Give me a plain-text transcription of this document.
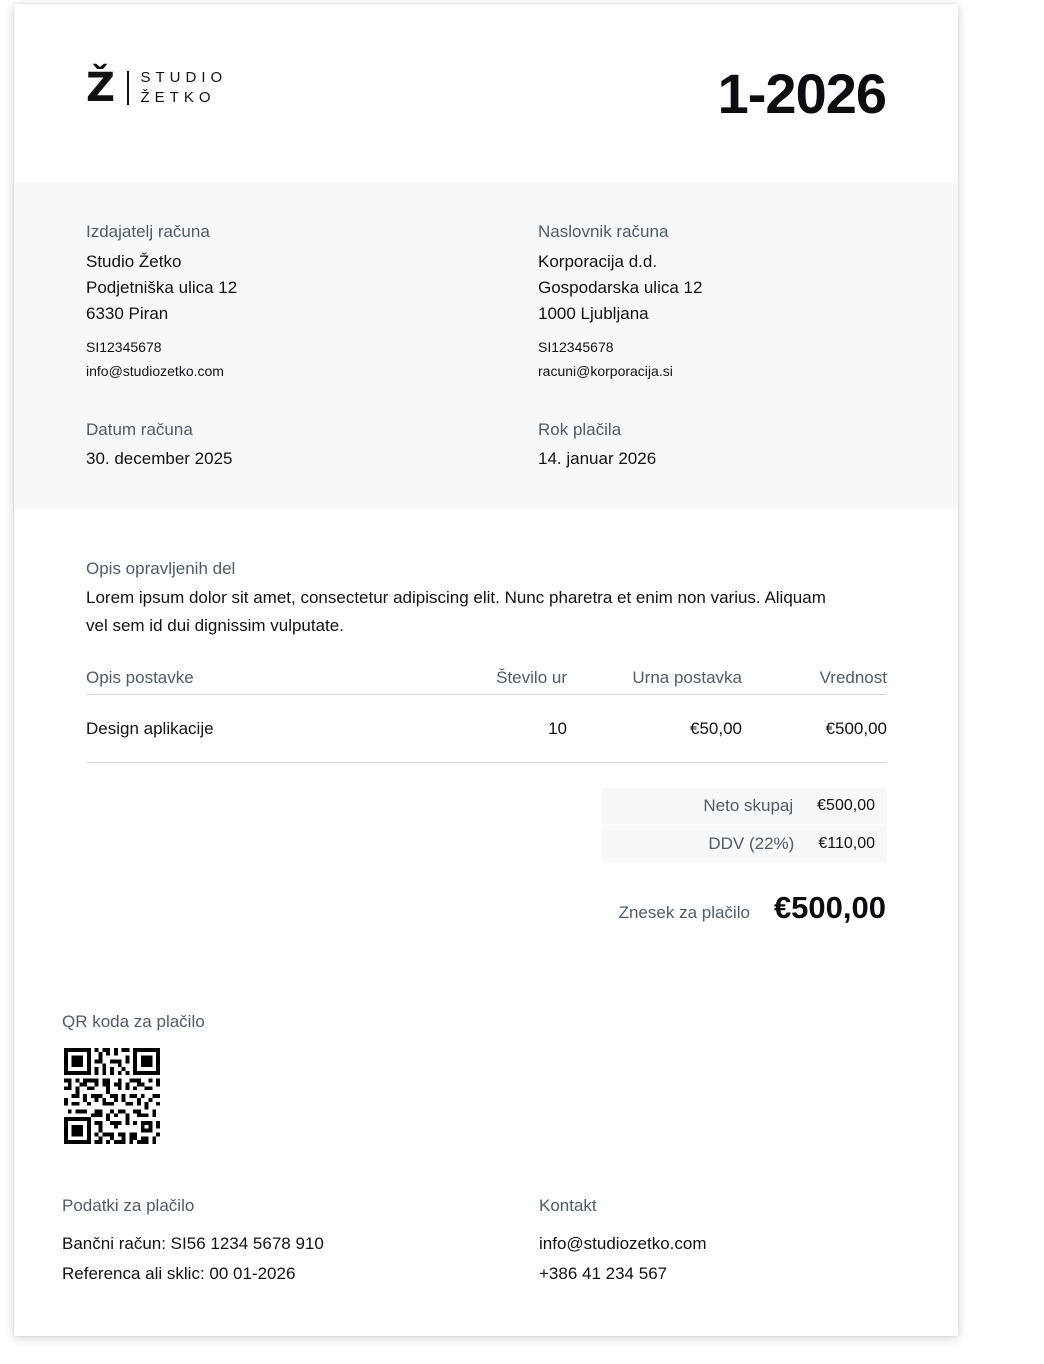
Ž STUDIO
ŽETKO	1-2026
Izdajatelj računa
Studio Žetko
Podjetniška ulica 12
6330 Piran
SI12345678
info@studiozetko.com
Naslovnik računa
Korporacija d.d.
Gospodarska ulica 12
1000 Ljubljana
SI12345678
racuni@korporacija.si
Datum računa
30. december 2025
Rok plačila
14. januar 2026
Opis opravljenih del
Lorem ipsum dolor sit amet, consectetur adipiscing elit. Nunc pharetra et enim non varius. Aliquam vel sem id dui dignissim vulputate.
Opis postavke	Število ur	Urna postavka	Vrednost
Design aplikacije	10	€50,00	€500,00
Neto skupaj €500,00
DDV (22%) €110,00
Znesek za plačilo €500,00
QR koda za plačilo
Podatki za plačilo
Bančni račun: SI56 1234 5678 910
Referenca ali sklic: 00 01-2026
Kontakt
info@studiozetko.com
+386 41 234 567
